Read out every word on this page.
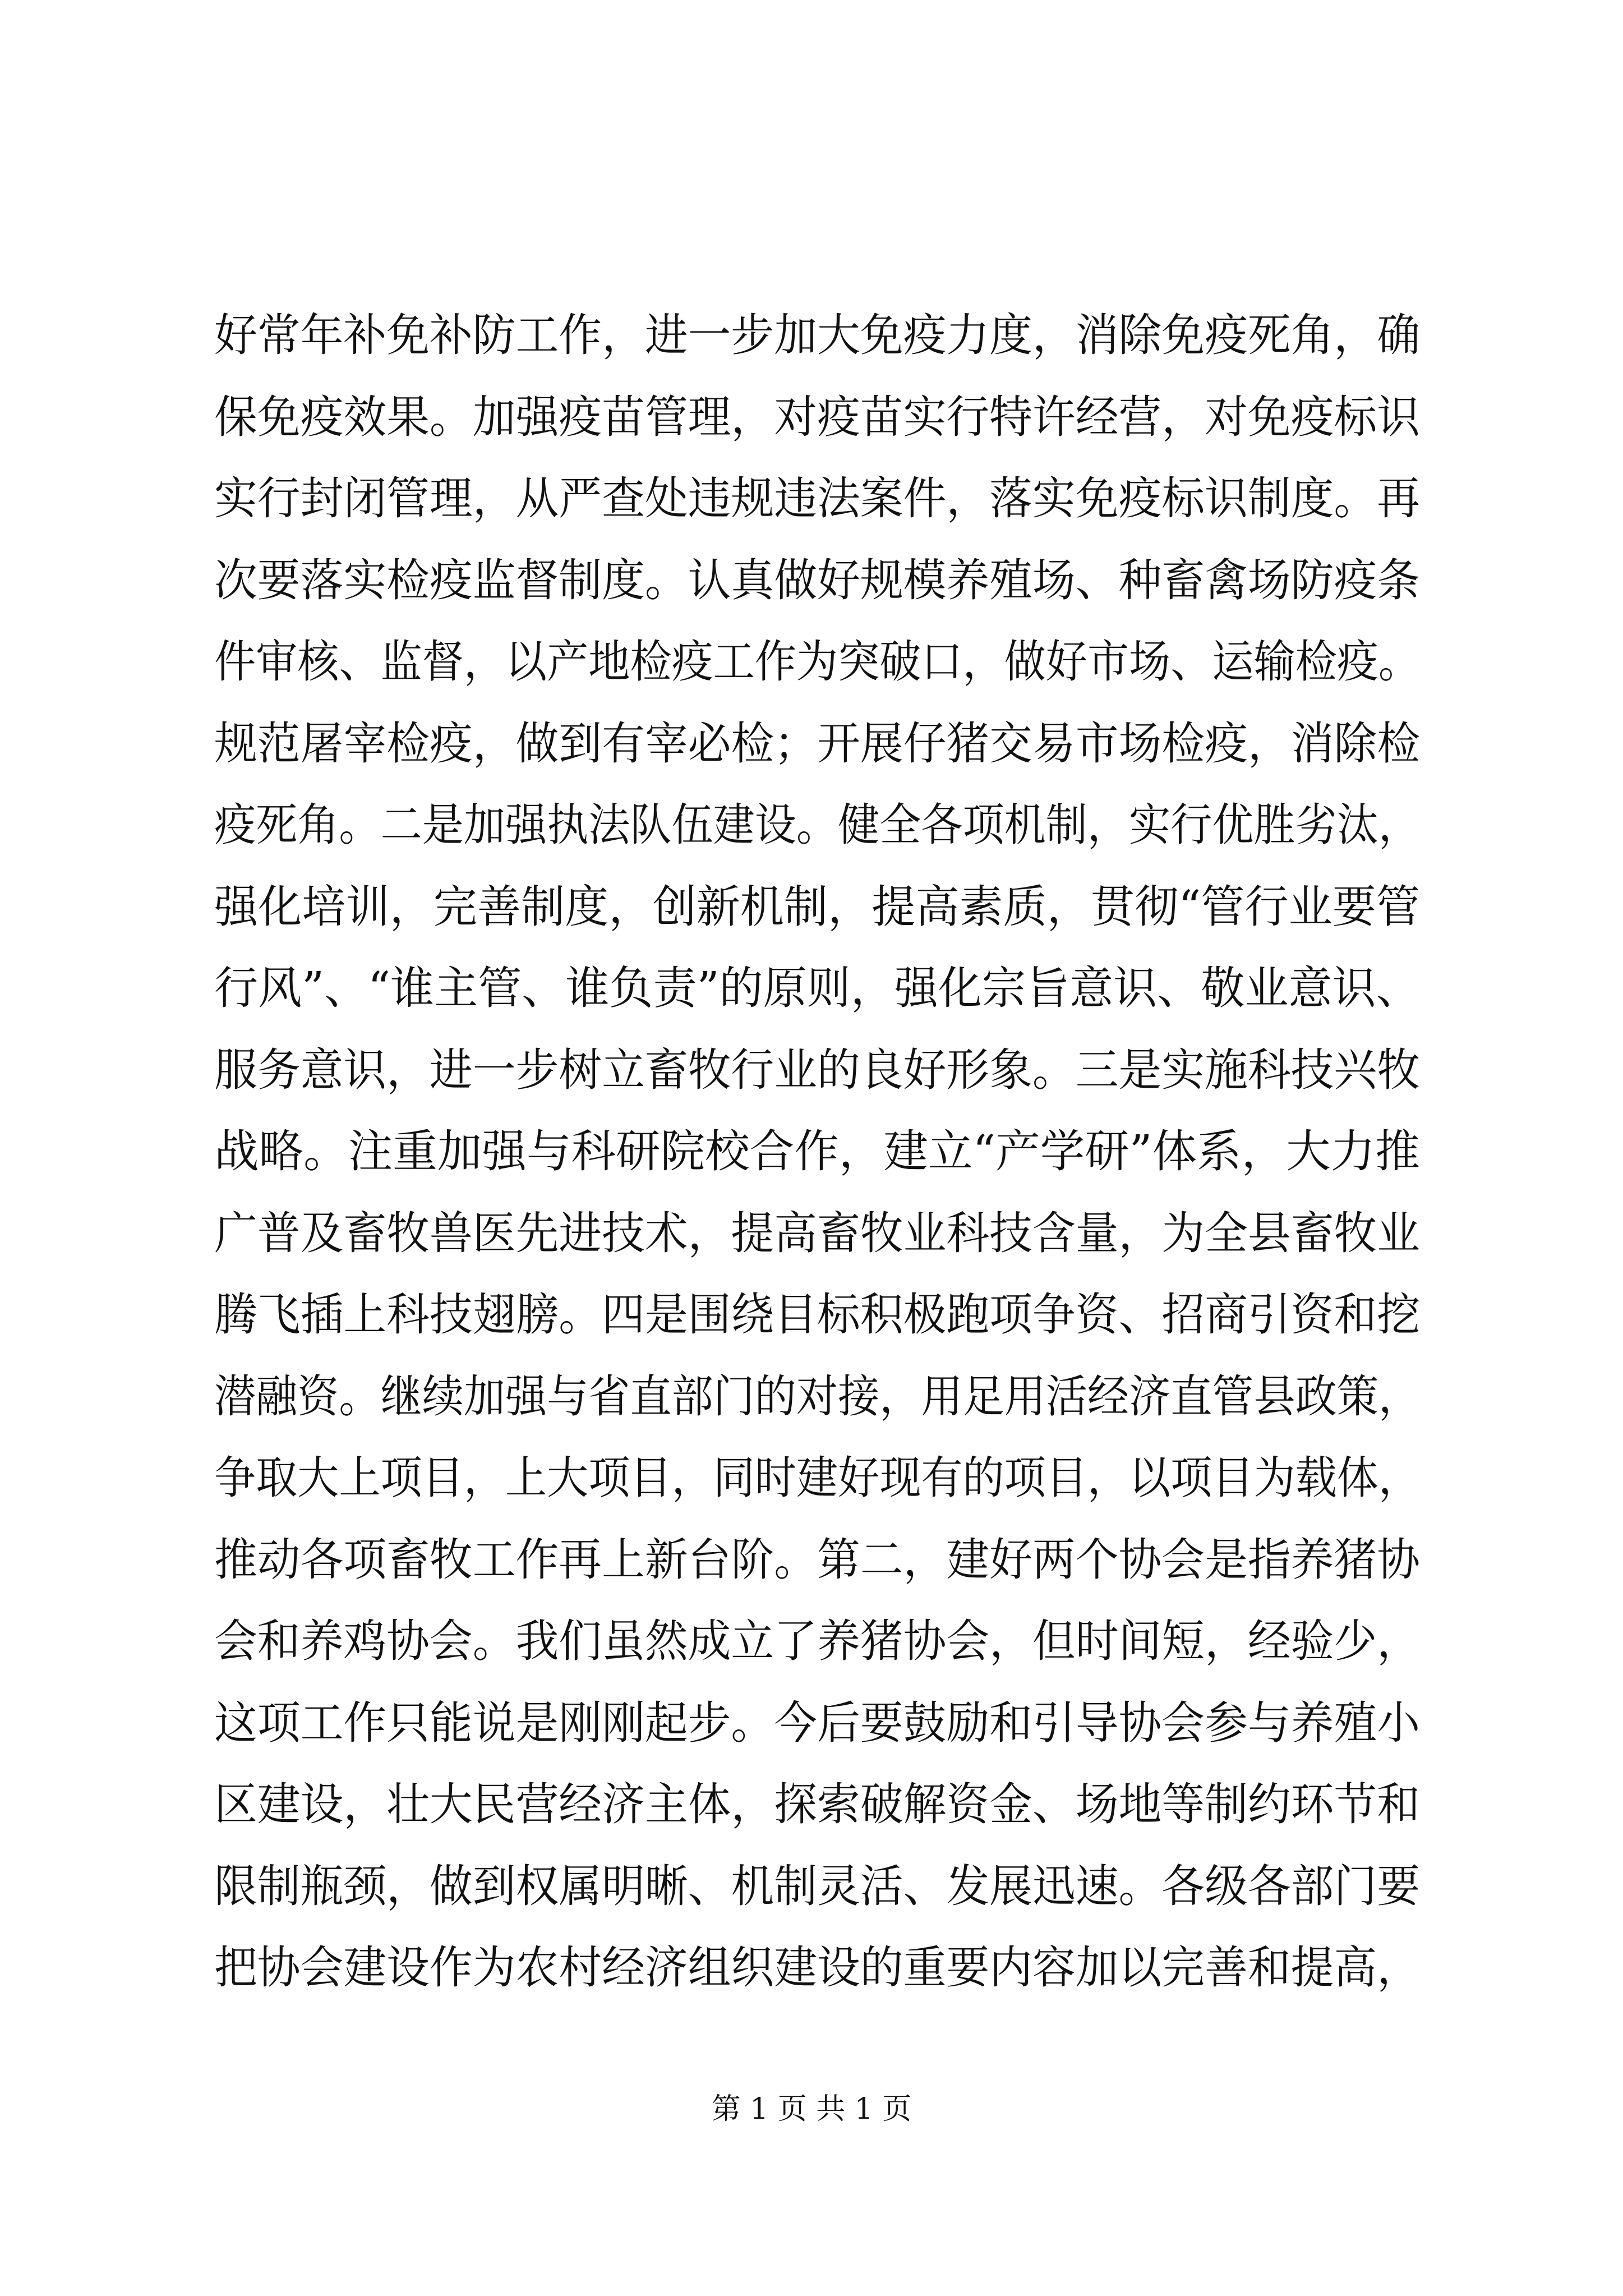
好常年补免补防工作，进一步加大免疫力度，消除免疫死角，确
保免疫效果。加强疫苗管理，对疫苗实行特许经营，对免疫标识
实行封闭管理，从严查处违规违法案件，落实免疫标识制度。再
次要落实检疫监督制度。认真做好规模养殖场、种畜禽场防疫条
件审核、监督，以产地检疫工作为突破口，做好市场、运输检疫。
规范屠宰检疫，做到有宰必检；开展仔猪交易市场检疫，消除检
疫死角。二是加强执法队伍建设。健全各项机制，实行优胜劣汰，
强化培训，完善制度，创新机制，提高素质，贯彻“管行业要管
行风”、“谁主管、谁负责”的原则，强化宗旨意识、敬业意识、
服务意识，进一步树立畜牧行业的良好形象。三是实施科技兴牧
战略。注重加强与科研院校合作，建立“产学研”体系，大力推
广普及畜牧兽医先进技术，提高畜牧业科技含量，为全县畜牧业
腾飞插上科技翅膀。四是围绕目标积极跑项争资、招商引资和挖
潜融资。继续加强与省直部门的对接，用足用活经济直管县政策，
争取大上项目，上大项目，同时建好现有的项目，以项目为载体，
推动各项畜牧工作再上新台阶。第二，建好两个协会是指养猪协
会和养鸡协会。我们虽然成立了养猪协会，但时间短，经验少，
这项工作只能说是刚刚起步。今后要鼓励和引导协会参与养殖小
区建设，壮大民营经济主体，探索破解资金、场地等制约环节和
限制瓶颈，做到权属明晰、机制灵活、发展迅速。各级各部门要
把协会建设作为农村经济组织建设的重要内容加以完善和提高，
第 1 页 共 1 页
